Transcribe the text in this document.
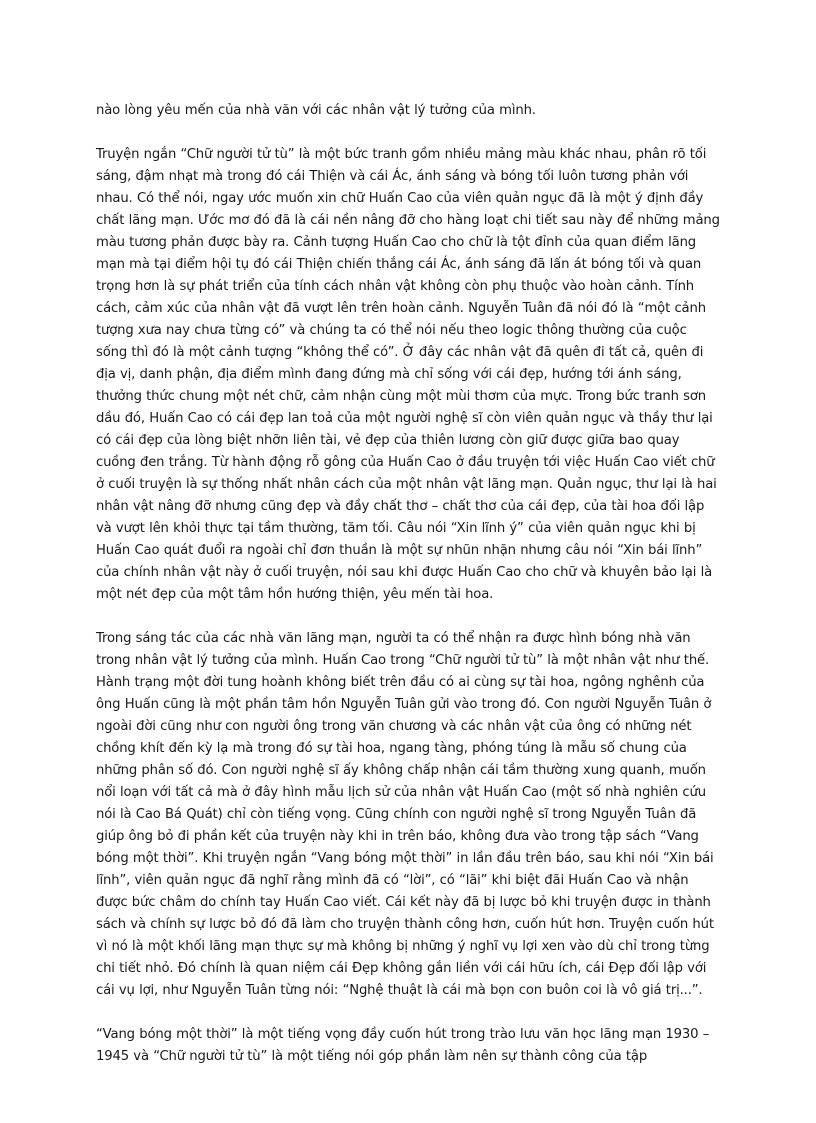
nào lòng yêu mến của nhà văn với các nhân vật lý tưởng của mình.

Truyện ngắn “Chữ người tử tù” là một bức tranh gồm nhiều mảng màu khác nhau, phân rõ tối sáng, đậm nhạt mà trong đó cái Thiện và cái Ác, ánh sáng và bóng tối luôn tương phản với nhau. Có thể nói, ngay ước muốn xin chữ Huấn Cao của viên quản ngục đã là một ý định đầy chất lãng mạn. Ước mơ đó đã là cái nền nâng đỡ cho hàng loạt chi tiết sau này để những mảng màu tương phản được bày ra. Cảnh tượng Huấn Cao cho chữ là tột đỉnh của quan điểm lãng mạn mà tại điểm hội tụ đó cái Thiện chiến thắng cái Ác, ánh sáng đã lấn át bóng tối và quan trọng hơn là sự phát triển của tính cách nhân vật không còn phụ thuộc vào hoàn cảnh. Tính cách, cảm xúc của nhân vật đã vượt lên trên hoàn cảnh. Nguyễn Tuân đã nói đó là “một cảnh tượng xưa nay chưa từng có” và chúng ta có thể nói nếu theo logic thông thường của cuộc sống thì đó là một cảnh tượng “không thể có”. Ở đây các nhân vật đã quên đi tất cả, quên đi địa vị, danh phận, địa điểm mình đang đứng mà chỉ sống với cái đẹp, hướng tới ánh sáng, thưởng thức chung một nét chữ, cảm nhận cùng một mùi thơm của mực. Trong bức tranh sơn dầu đó, Huấn Cao có cái đẹp lan toả của một người nghệ sĩ còn viên quản ngục và thầy thư lại có cái đẹp của lòng biệt nhỡn liên tài, vẻ đẹp của thiên lương còn giữ được giữa bao quay cuồng đen trắng. Từ hành động rỗ gông của Huấn Cao ở đầu truyện tới việc Huấn Cao viết chữ ở cuối truyện là sự thống nhất nhân cách của một nhân vật lãng mạn. Quản ngục, thư lại là hai nhân vật nâng đỡ nhưng cũng đẹp và đầy chất thơ – chất thơ của cái đẹp, của tài hoa đối lập và vượt lên khỏi thực tại tầm thường, tăm tối. Câu nói “Xin lĩnh ý” của viên quản ngục khi bị Huấn Cao quát đuổi ra ngoài chỉ đơn thuần là một sự nhũn nhặn nhưng câu nói “Xin bái lĩnh” của chính nhân vật này ở cuối truyện, nói sau khi được Huấn Cao cho chữ và khuyên bảo lại là một nét đẹp của một tâm hồn hướng thiện, yêu mến tài hoa.

Trong sáng tác của các nhà văn lãng mạn, người ta có thể nhận ra được hình bóng nhà văn trong nhân vật lý tưởng của mình. Huấn Cao trong “Chữ người tử tù” là một nhân vật như thế. Hành trạng một đời tung hoành không biết trên đầu có ai cùng sự tài hoa, ngông nghênh của ông Huấn cũng là một phần tâm hồn Nguyễn Tuân gửi vào trong đó. Con người Nguyễn Tuân ở ngoài đời cũng như con người ông trong văn chương và các nhân vật của ông có những nét chồng khít đến kỳ lạ mà trong đó sự tài hoa, ngang tàng, phóng túng là mẫu số chung của những phân số đó. Con người nghệ sĩ ấy không chấp nhận cái tầm thường xung quanh, muốn nổi loạn với tất cả mà ở đây hình mẫu lịch sử của nhân vật Huấn Cao (một số nhà nghiên cứu nói là Cao Bá Quát) chỉ còn tiếng vọng. Cũng chính con người nghệ sĩ trong Nguyễn Tuân đã giúp ông bỏ đi phần kết của truyện này khi in trên báo, không đưa vào trong tập sách “Vang bóng một thời”. Khi truyện ngắn “Vang bóng một thời” in lần đầu trên báo, sau khi nói “Xin bái lĩnh”, viên quản ngục đã nghĩ rằng mình đã có “lời”, có “lãi” khi biệt đãi Huấn Cao và nhận được bức châm do chính tay Huấn Cao viết. Cái kết này đã bị lược bỏ khi truyện được in thành sách và chính sự lược bỏ đó đã làm cho truyện thành công hơn, cuốn hút hơn. Truyện cuốn hút vì nó là một khối lãng mạn thực sự mà không bị những ý nghĩ vụ lợi xen vào dù chỉ trong từng chi tiết nhỏ. Đó chính là quan niệm cái Đẹp không gắn liền với cái hữu ích, cái Đẹp đối lập với cái vụ lợi, như Nguyễn Tuân từng nói: “Nghệ thuật là cái mà bọn con buôn coi là vô giá trị...”.

“Vang bóng một thời” là một tiếng vọng đầy cuốn hút trong trào lưu văn học lãng mạn 1930 – 1945 và “Chữ người tử tù” là một tiếng nói góp phần làm nên sự thành công của tập
